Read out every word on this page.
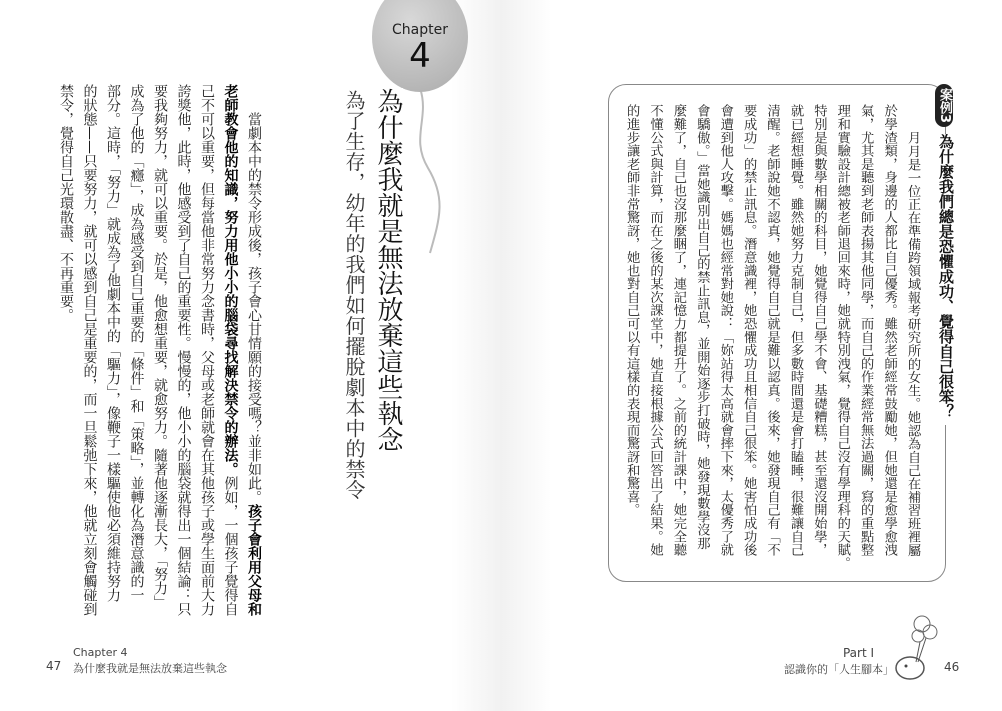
當劇本中的禁令形成後，孩子會心甘情願的接受嗎？並非如此。孩子會利用父母和
老師教會他的知識，努力用他小小的腦袋尋找解決禁令的辦法。例如，一個孩子覺得自
己不可以重要，但每當他非常努力念書時，父母或老師就會在其他孩子或學生面前大力
誇獎他，此時，他感受到了自己的重要性。慢慢的，他小小的腦袋就得出一個結論：只
要我夠努力，就可以重要。於是，他愈想重要，就愈努力。隨著他逐漸長大，「努力」
成為了他的「癮」，成為感受到自己重要的「條件」和「策略」，並轉化為潛意識的一
部分。這時，「努力」就成為了他劇本中的「驅力」，像鞭子一樣驅使他必須維持努力
的狀態——只要努力，就可以感到自己是重要的，而一旦鬆弛下來，他就立刻會觸碰到
禁令，覺得自己光環散盡、不再重要。
Chapter
4
為什麼我就是無法放棄這些執念
為了生存，幼年的我們如何擺脫劇本中的禁令
47
Chapter 4
為什麼我就是無法放棄這些執念
案例3
為什麼我們總是恐懼成功、覺得自己很笨？
月月是一位正在準備跨領域報考研究所的女生。她認為自己在補習班裡屬
於學渣類，身邊的人都比自己優秀。雖然老師經常鼓勵她，但她還是愈學愈洩
氣，尤其是聽到老師表揚其他同學，而自己的作業經常無法過關，寫的重點整
理和實驗設計總被老師退回來時，她就特別洩氣，覺得自己沒有學理科的天賦。
特別是與數學相關的科目，她覺得自己學不會、基礎糟糕，甚至還沒開始學，
就已經想睡覺。雖然她努力克制自己，但多數時間還是會打瞌睡，很難讓自己
清醒。老師說她不認真，她覺得自己就是難以認真。後來，她發現自己有「不
要成功」的禁止訊息。潛意識裡，她恐懼成功且相信自己很笨。她害怕成功後
會遭到他人攻擊。媽媽也經常對她說：「妳站得太高就會摔下來，太優秀了就
會驕傲。」當她識別出自己的禁止訊息，並開始逐步打破時，她發現數學沒那
麼難了，自己也沒那麼睏了，連記憶力都提升了。之前的統計課中，她完全聽
不懂公式與計算，而在之後的某次課堂中，她直接根據公式回答出了結果。她
的進步讓老師非常驚訝，她也對自己可以有這樣的表現而驚訝和驚喜。
Part I
認識你的「人生腳本」	46
